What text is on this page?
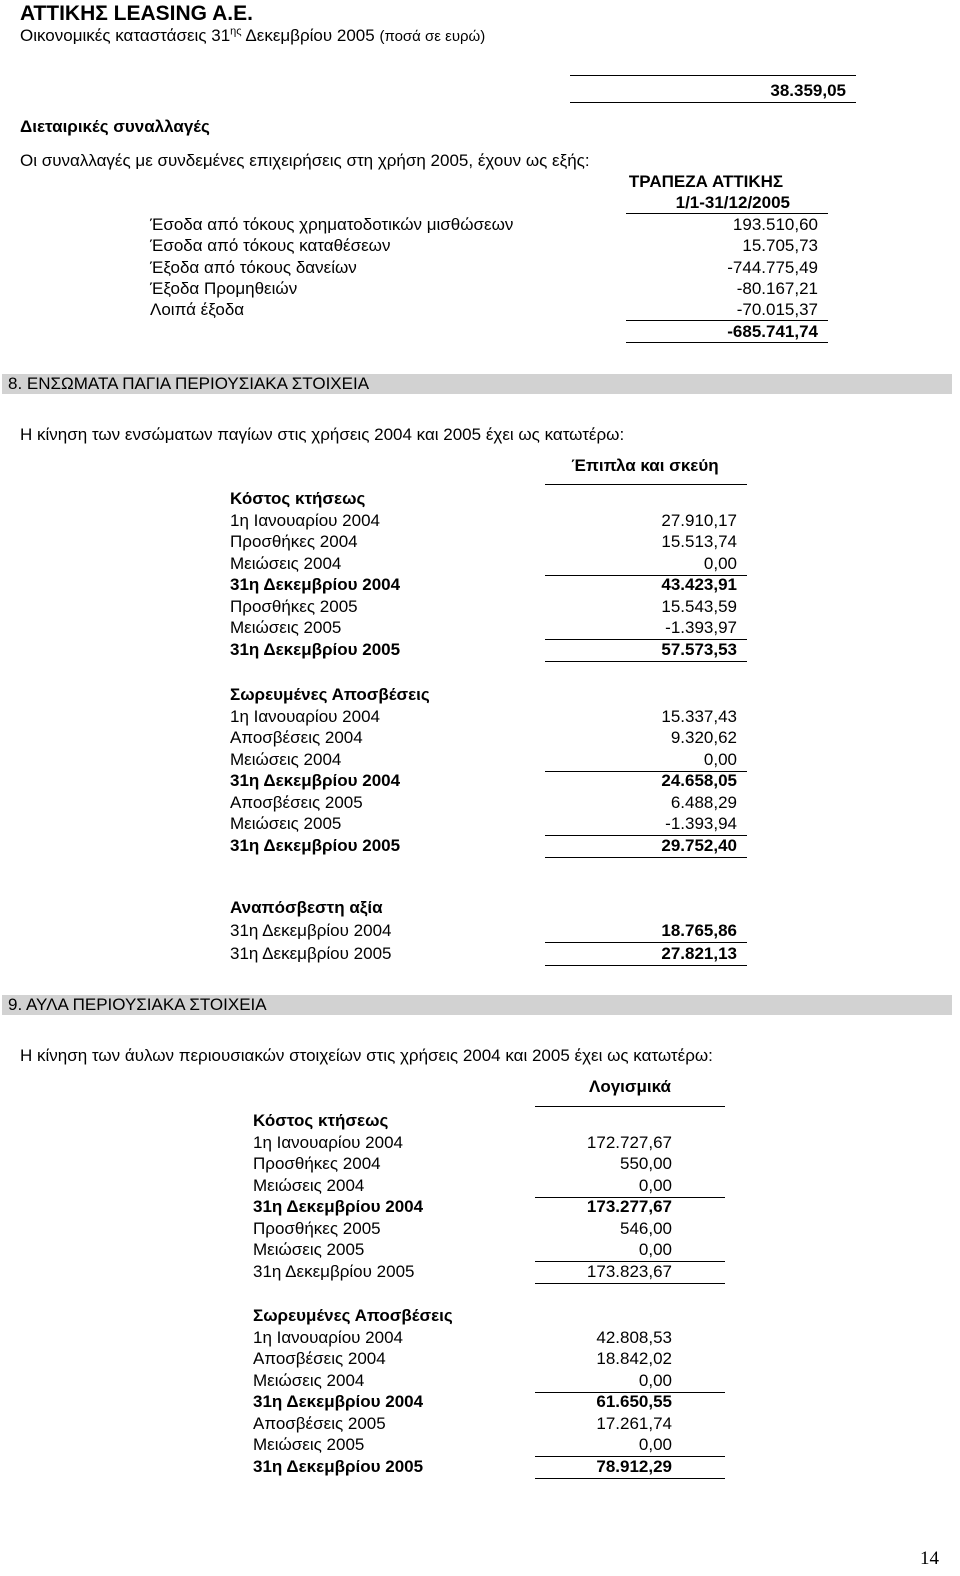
ΑΤΤΙΚΗΣ LEASING A.E.
Οικονομικές καταστάσεις $31^{\eta\varsigma}$ Δεκεμβρίου 2005 (ποσά σε ευρώ)
38.359,05
Διεταιρικές συναλλαγές
Οι συναλλαγές με συνδεμένες επιχειρήσεις στη χρήση 2005, έχουν ως εξής:
ΤΡΑΠΕΖΑ ΑΤΤΙΚΗΣ
1/1-31/12/2005
Έσοδα από τόκους χρηματοδοτικών μισθώσεων	193.510,60
Έσοδα από τόκους καταθέσεων	15.705,73
Έξοδα από τόκους δανείων	-744.775,49
Έξοδα Προμηθειών	-80.167,21
Λοιπά έξοδα	-70.015,37
-685.741,74
8. ΕΝΣΩΜΑΤΑ ΠΑΓΙΑ ΠΕΡΙΟΥΣΙΑΚΑ ΣΤΟΙΧΕΙΑ
Η κίνηση των ενσώματων παγίων στις χρήσεις 2004 και 2005 έχει ως κατωτέρω:
Έπιπλα και σκεύη
Κόστος κτήσεως
1η Ιανουαρίου 2004	27.910,17
Προσθήκες 2004	15.513,74
Μειώσεις 2004	0,00
31η Δεκεμβρίου 2004	43.423,91
Προσθήκες 2005	15.543,59
Μειώσεις 2005	-1.393,97
31η Δεκεμβρίου 2005	57.573,53
Σωρευμένες Αποσβέσεις
1η Ιανουαρίου 2004	15.337,43
Αποσβέσεις 2004	9.320,62
Μειώσεις 2004	0,00
31η Δεκεμβρίου 2004	24.658,05
Αποσβέσεις 2005	6.488,29
Μειώσεις 2005	-1.393,94
31η Δεκεμβρίου 2005	29.752,40
Αναπόσβεστη αξία
31η Δεκεμβρίου 2004	18.765,86
31η Δεκεμβρίου 2005	27.821,13
9. ΑΥΛΑ ΠΕΡΙΟΥΣΙΑΚΑ ΣΤΟΙΧΕΙΑ
Η κίνηση των άυλων περιουσιακών στοιχείων στις χρήσεις 2004 και 2005 έχει ως κατωτέρω:
Λογισμικά
Κόστος κτήσεως
1η Ιανουαρίου 2004	172.727,67
Προσθήκες 2004	550,00
Μειώσεις 2004	0,00
31η Δεκεμβρίου 2004	173.277,67
Προσθήκες 2005	546,00
Μειώσεις 2005	0,00
31η Δεκεμβρίου 2005	173.823,67
Σωρευμένες Αποσβέσεις
1η Ιανουαρίου 2004	42.808,53
Αποσβέσεις 2004	18.842,02
Μειώσεις 2004	0,00
31η Δεκεμβρίου 2004	61.650,55
Αποσβέσεις 2005	17.261,74
Μειώσεις 2005	0,00
31η Δεκεμβρίου 2005	78.912,29
14
